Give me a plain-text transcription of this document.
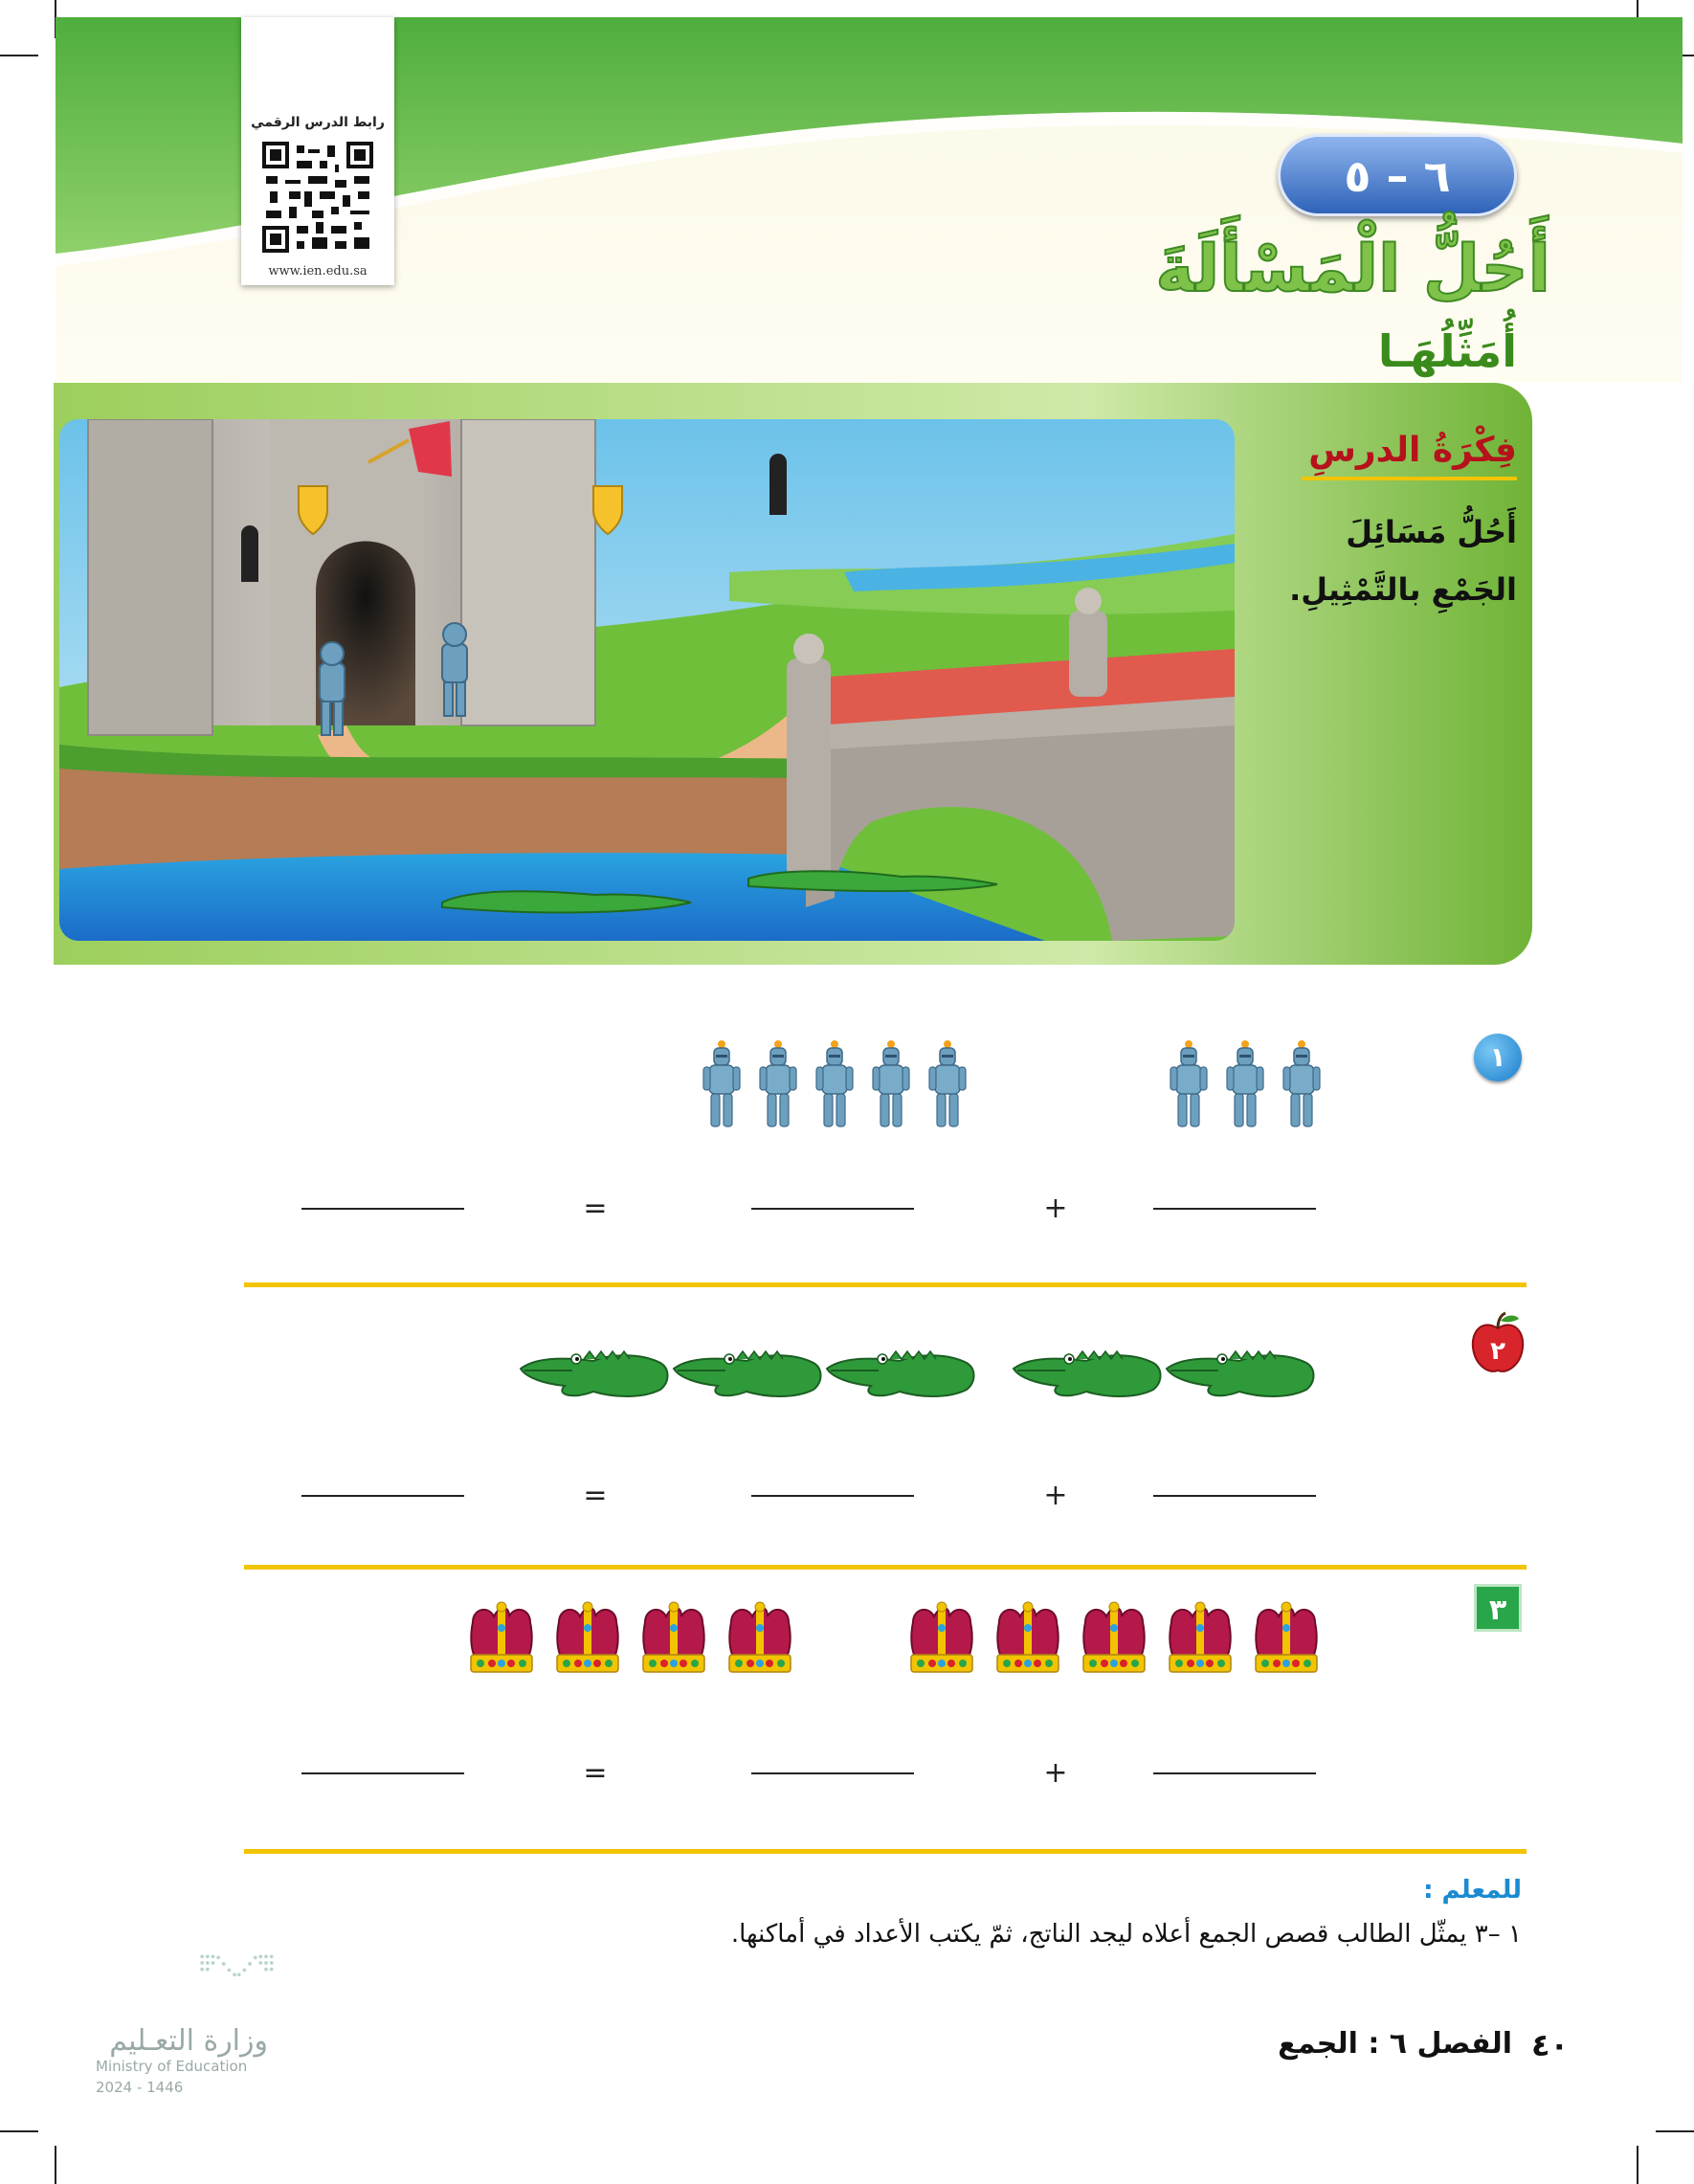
رابط الدرس الرقمي
www.ien.edu.sa
٦ – ٥
أَحُلُّ الْمَسْأَلَةَ
أُمَثِّلُهَـا
فِكْرَةُ الدرسِ
أَحُلُّ مَسَائِلَ الجَمْعِ بالتَّمْثِيلِ.
١
+
=
٢
+
=
٣
+
=
للمعلم :
١ –٣ يمثّل الطالب قصص الجمع أعلاه ليجد الناتج، ثمّ يكتب الأعداد في أماكنها.
وزارة التعـليم
Ministry of Education
2024 - 1446
الفصل ٦ : الجمع ٤٠
